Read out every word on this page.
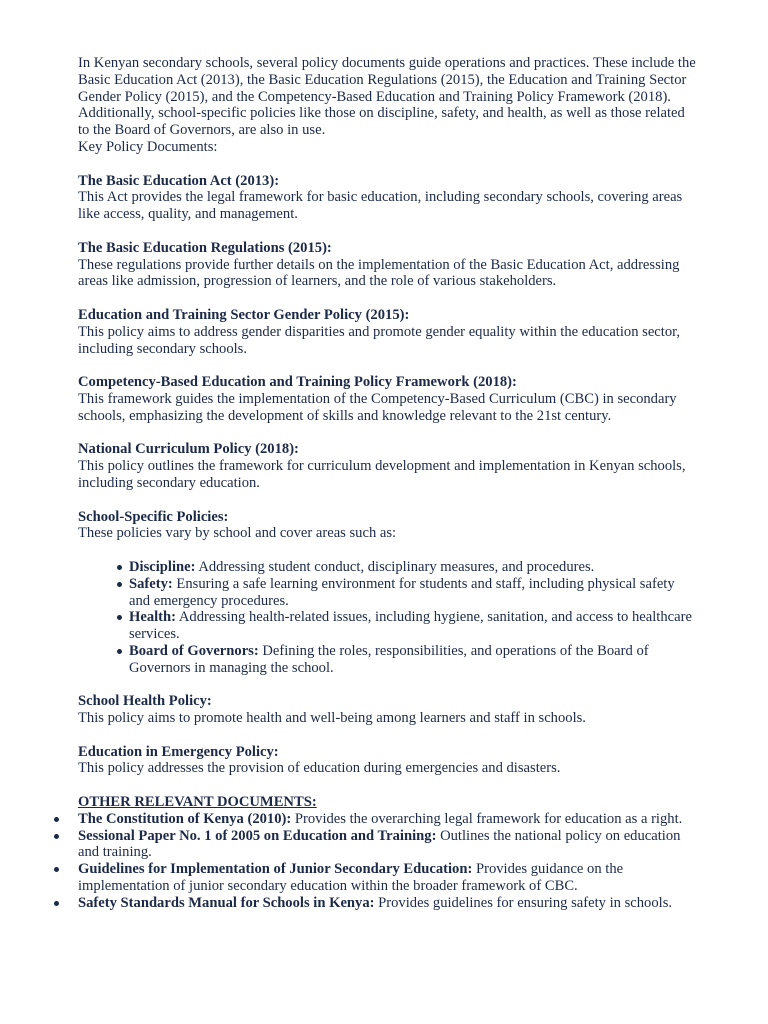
In Kenyan secondary schools, several policy documents guide operations and practices. These include the Basic Education Act (2013), the Basic Education Regulations (2015), the Education and Training Sector Gender Policy (2015), and the Competency-Based Education and Training Policy Framework (2018). Additionally, school-specific policies like those on discipline, safety, and health, as well as those related to the Board of Governors, are also in use.

Key Policy Documents:

The Basic Education Act (2013):

This Act provides the legal framework for basic education, including secondary schools, covering areas like access, quality, and management.

The Basic Education Regulations (2015):

These regulations provide further details on the implementation of the Basic Education Act, addressing areas like admission, progression of learners, and the role of various stakeholders.

Education and Training Sector Gender Policy (2015):

This policy aims to address gender disparities and promote gender equality within the education sector, including secondary schools.

Competency-Based Education and Training Policy Framework (2018):

This framework guides the implementation of the Competency-Based Curriculum (CBC) in secondary schools, emphasizing the development of skills and knowledge relevant to the 21st century.

National Curriculum Policy (2018):

This policy outlines the framework for curriculum development and implementation in Kenyan schools, including secondary education.

School-Specific Policies:

These policies vary by school and cover areas such as:

Discipline: Addressing student conduct, disciplinary measures, and procedures.
Safety: Ensuring a safe learning environment for students and staff, including physical safety and emergency procedures.
Health: Addressing health-related issues, including hygiene, sanitation, and access to healthcare services.
Board of Governors: Defining the roles, responsibilities, and operations of the Board of Governors in managing the school.
School Health Policy:

This policy aims to promote health and well-being among learners and staff in schools.

Education in Emergency Policy:

This policy addresses the provision of education during emergencies and disasters.

OTHER RELEVANT DOCUMENTS:
The Constitution of Kenya (2010): Provides the overarching legal framework for education as a right.
Sessional Paper No. 1 of 2005 on Education and Training: Outlines the national policy on education and training.
Guidelines for Implementation of Junior Secondary Education: Provides guidance on the implementation of junior secondary education within the broader framework of CBC.
Safety Standards Manual for Schools in Kenya: Provides guidelines for ensuring safety in schools.
